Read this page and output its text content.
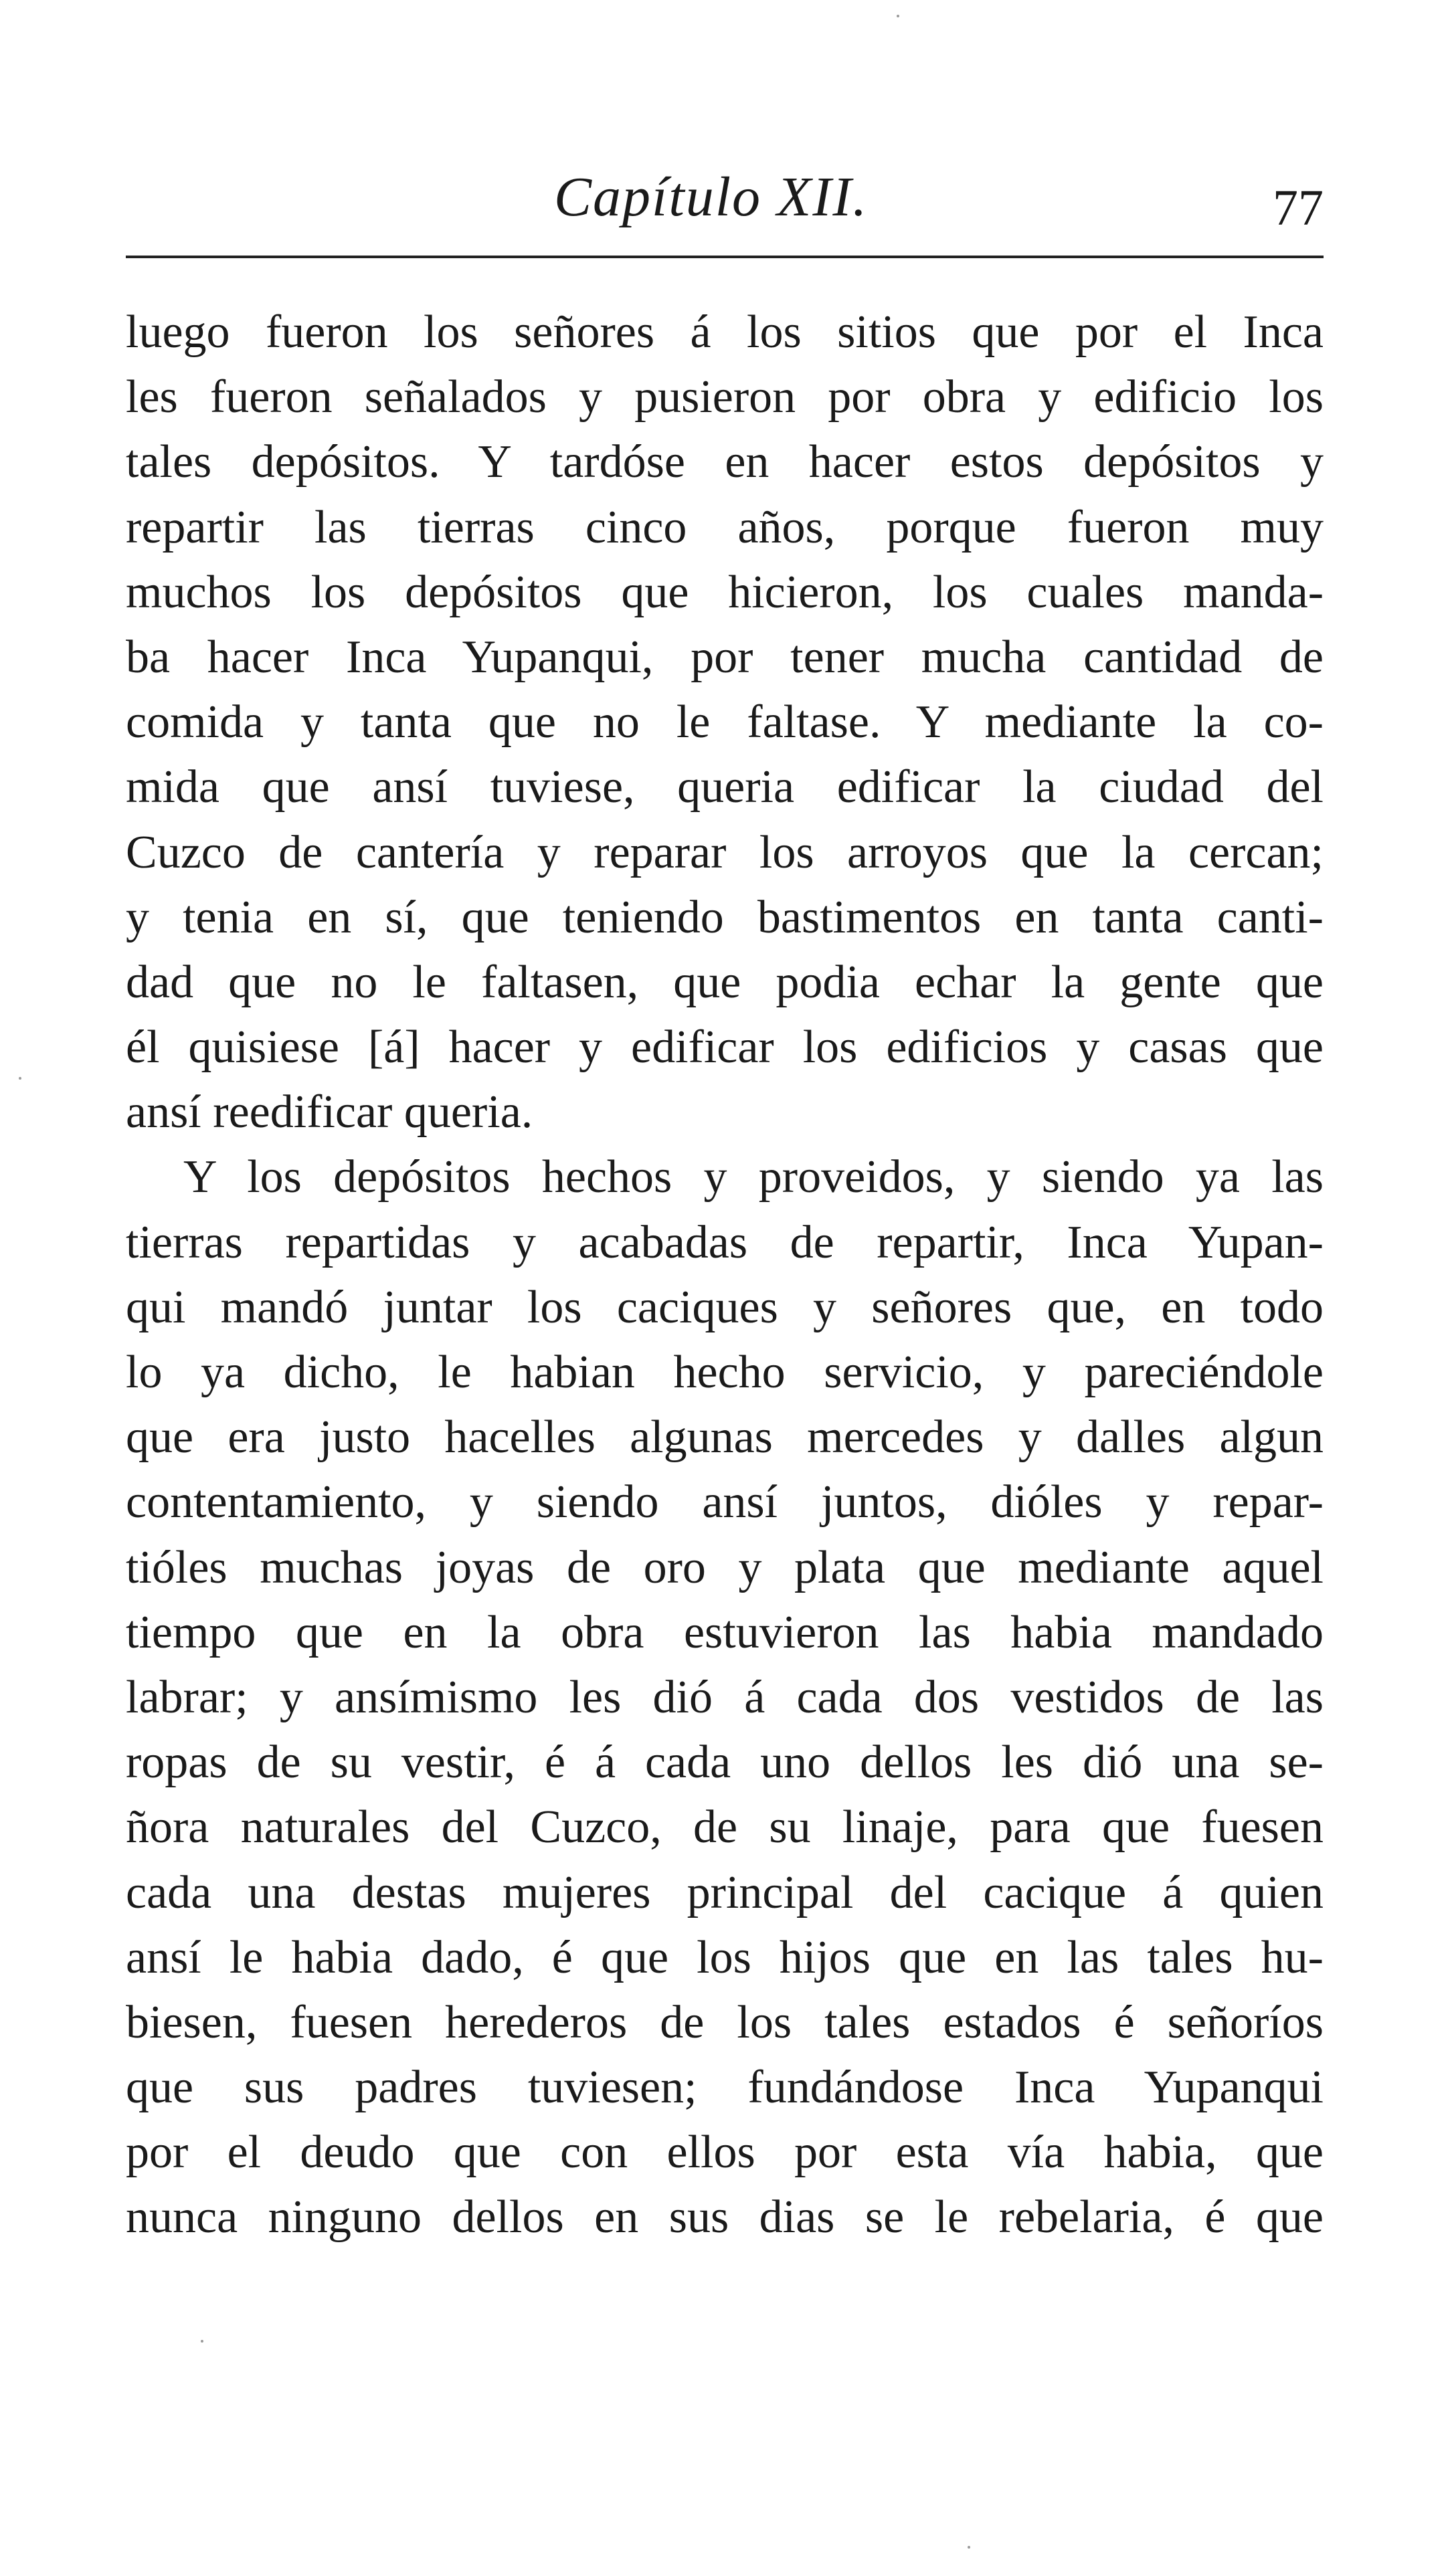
Capítulo XII.	77
luego fueron los señores á los sitios que por el Inca
les fueron señalados y pusieron por obra y edificio los
tales depósitos. Y tardóse en hacer estos depósitos y
repartir las tierras cinco años, porque fueron muy
muchos los depósitos que hicieron, los cuales manda-
ba hacer Inca Yupanqui, por tener mucha cantidad de
comida y tanta que no le faltase. Y mediante la co-
mida que ansí tuviese, queria edificar la ciudad del
Cuzco de cantería y reparar los arroyos que la cercan;
y tenia en sí, que teniendo bastimentos en tanta canti-
dad que no le faltasen, que podia echar la gente que
él quisiese [á] hacer y edificar los edificios y casas que
ansí reedificar queria.
Y los depósitos hechos y proveidos, y siendo ya las
tierras repartidas y acabadas de repartir, Inca Yupan-
qui mandó juntar los caciques y señores que, en todo
lo ya dicho, le habian hecho servicio, y pareciéndole
que era justo hacelles algunas mercedes y dalles algun
contentamiento, y siendo ansí juntos, dióles y repar-
tióles muchas joyas de oro y plata que mediante aquel
tiempo que en la obra estuvieron las habia mandado
labrar; y ansímismo les dió á cada dos vestidos de las
ropas de su vestir, é á cada uno dellos les dió una se-
ñora naturales del Cuzco, de su linaje, para que fuesen
cada una destas mujeres principal del cacique á quien
ansí le habia dado, é que los hijos que en las tales hu-
biesen, fuesen herederos de los tales estados é señoríos
que sus padres tuviesen; fundándose Inca Yupanqui
por el deudo que con ellos por esta vía habia, que
nunca ninguno dellos en sus dias se le rebelaria, é que
